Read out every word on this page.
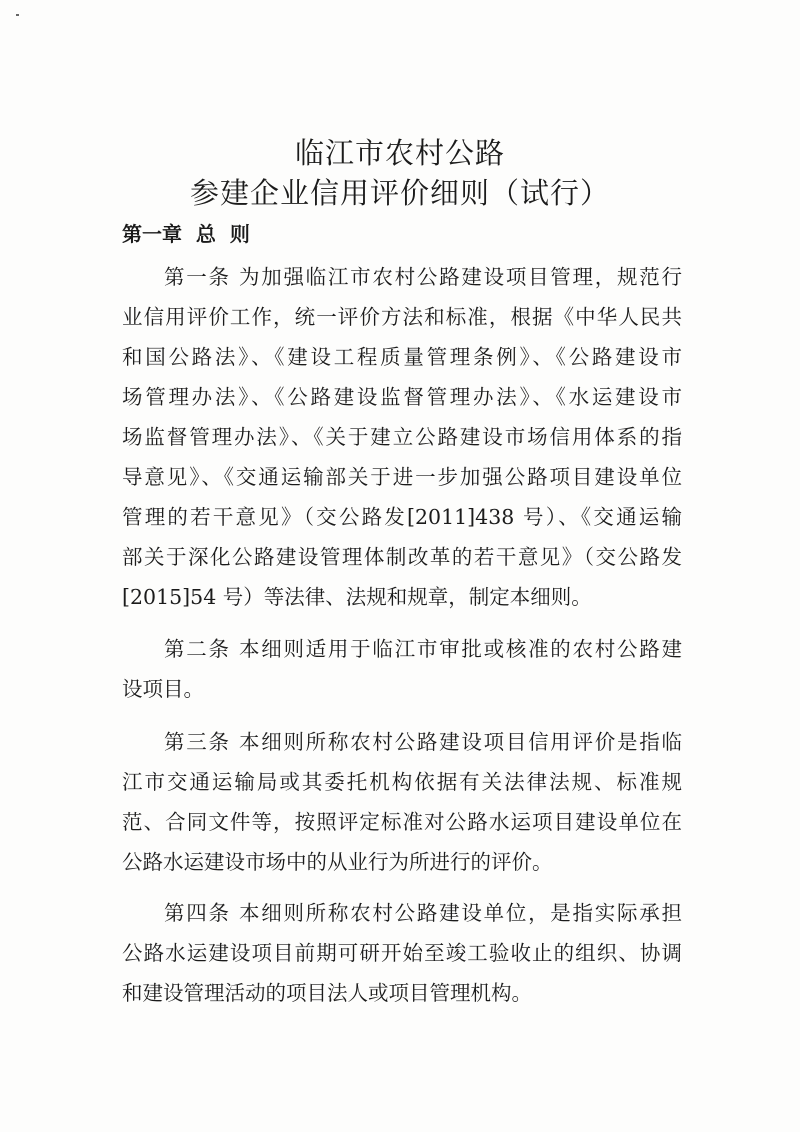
临江市农村公路
参建企业信用评价细则（试行）
第一章  总  则
第一条 为加强临江市农村公路建设项目管理，规范行
业信用评价工作，统一评价方法和标准，根据《中华人民共
和国公路法》、《建设工程质量管理条例》、《公路建设市
场管理办法》、《公路建设监督管理办法》、《水运建设市
场监督管理办法》、《关于建立公路建设市场信用体系的指
导意见》、《交通运输部关于进一步加强公路项目建设单位
管理的若干意见》（交公路发[2011]438 号）、《交通运输
部关于深化公路建设管理体制改革的若干意见》（交公路发
[2015]54 号）等法律、法规和规章，制定本细则。
第二条 本细则适用于临江市审批或核准的农村公路建
设项目。
第三条 本细则所称农村公路建设项目信用评价是指临
江市交通运输局或其委托机构依据有关法律法规、标准规
范、合同文件等，按照评定标准对公路水运项目建设单位在
公路水运建设市场中的从业行为所进行的评价。
第四条 本细则所称农村公路建设单位，是指实际承担
公路水运建设项目前期可研开始至竣工验收止的组织、协调
和建设管理活动的项目法人或项目管理机构。
